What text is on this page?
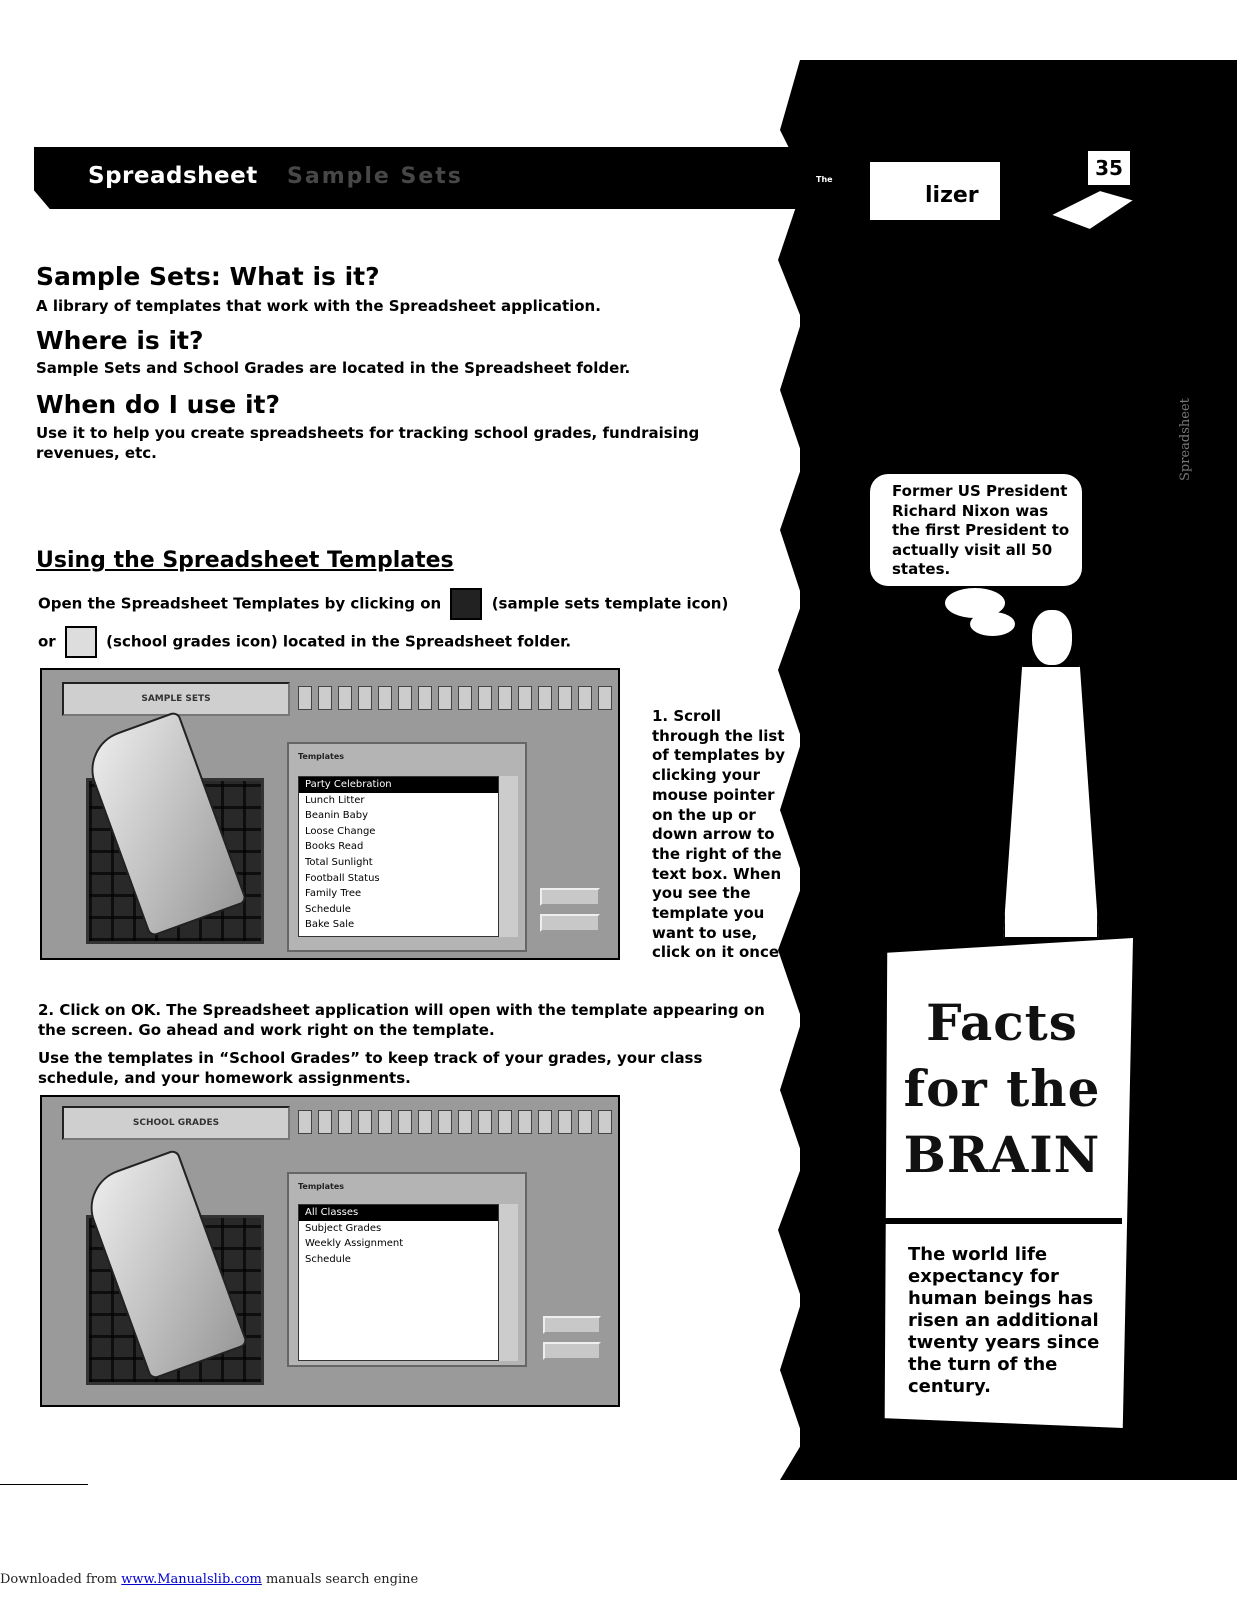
Spreadsheet Sample Sets	The
lizer
35
Spreadsheet
Sample Sets: What is it?
A library of templates that work with the Spreadsheet application.
Where is it?
Sample Sets and School Grades are located in the Spreadsheet folder.
When do I use it?
Use it to help you create spreadsheets for tracking school grades, fundraising revenues, etc.
Using the Spreadsheet Templates
Open the Spreadsheet Templates by clicking on	(sample sets template icon)
or	(school grades icon) located in the Spreadsheet folder.
SAMPLE SETS
Templates
Party Celebration
Lunch Litter
Beanin Baby
Loose Change
Books Read
Total Sunlight
Football Status
Family Tree
Schedule
Bake Sale
1. Scroll through the list of templates by clicking your mouse pointer on the up or down arrow to the right of the text box. When you see the template you want to use, click on it once.
2. Click on OK. The Spreadsheet application will open with the template appearing on the screen. Go ahead and work right on the template.
Use the templates in “School Grades” to keep track of your grades, your class schedule, and your homework assignments.
SCHOOL GRADES
Templates
All Classes
Subject Grades
Weekly Assignment
Schedule
Former US President Richard Nixon was the first President to actually visit all 50 states.
Facts
for the
BRAIN
The world life expectancy for human beings has risen an additional twenty years since the turn of the century.
Downloaded from www.Manualslib.com manuals search engine
